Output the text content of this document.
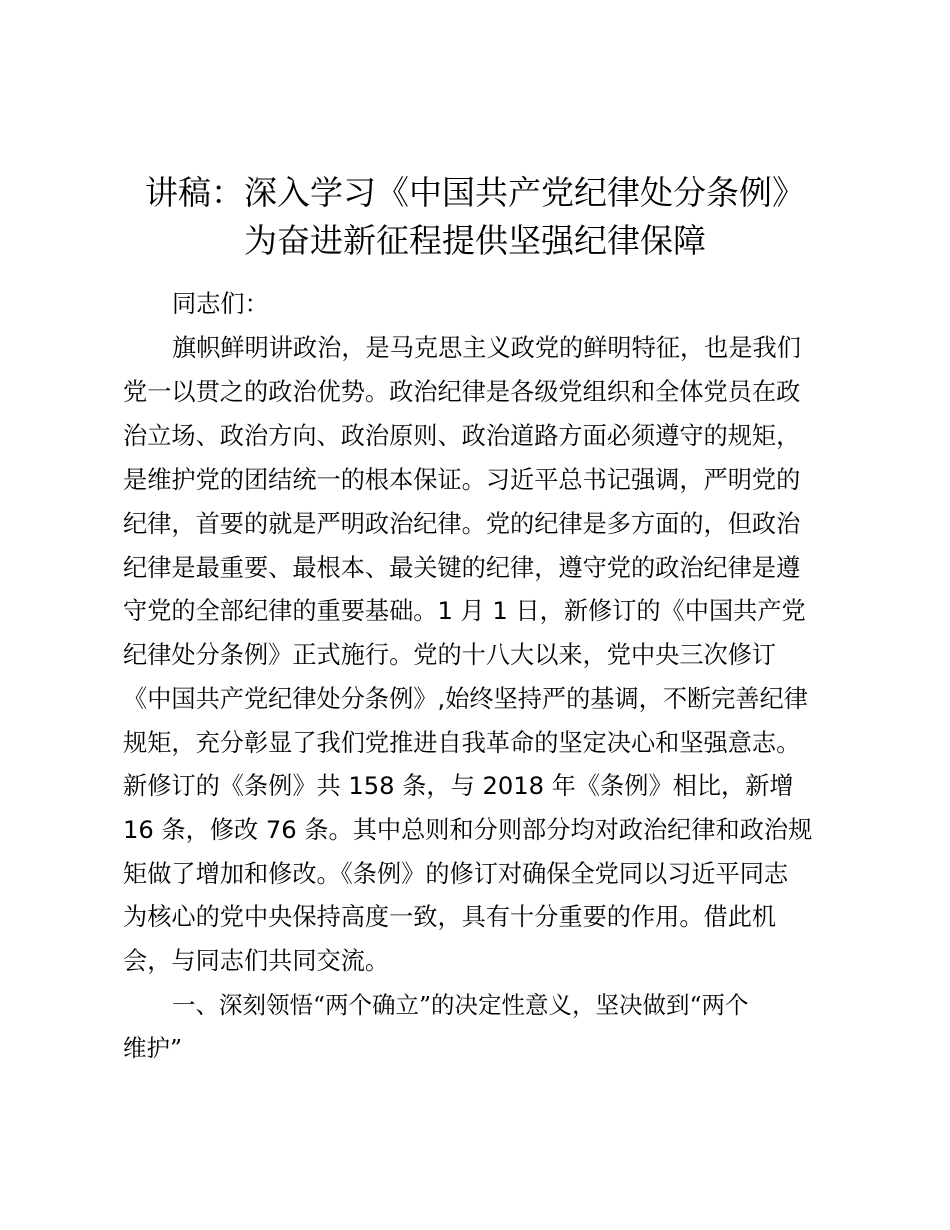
讲稿：深入学习《中国共产党纪律处分条例》
为奋进新征程提供坚强纪律保障
同志们：
旗帜鲜明讲政治，是马克思主义政党的鲜明特征，也是我们
党一以贯之的政治优势。政治纪律是各级党组织和全体党员在政
治立场、政治方向、政治原则、政治道路方面必须遵守的规矩，
是维护党的团结统一的根本保证。习近平总书记强调，严明党的
纪律，首要的就是严明政治纪律。党的纪律是多方面的，但政治
纪律是最重要、最根本、最关键的纪律，遵守党的政治纪律是遵
守党的全部纪律的重要基础。1 月 1 日，新修订的《中国共产党
纪律处分条例》正式施行。党的十八大以来，党中央三次修订
《中国共产党纪律处分条例》,始终坚持严的基调，不断完善纪律
规矩，充分彰显了我们党推进自我革命的坚定决心和坚强意志。
新修订的《条例》共 158 条，与 2018 年《条例》相比，新增
16 条，修改 76 条。其中总则和分则部分均对政治纪律和政治规
矩做了增加和修改。《条例》的修订对确保全党同以习近平同志
为核心的党中央保持高度一致，具有十分重要的作用。借此机
会，与同志们共同交流。
一、深刻领悟“两个确立”的决定性意义，坚决做到“两个
维护”
